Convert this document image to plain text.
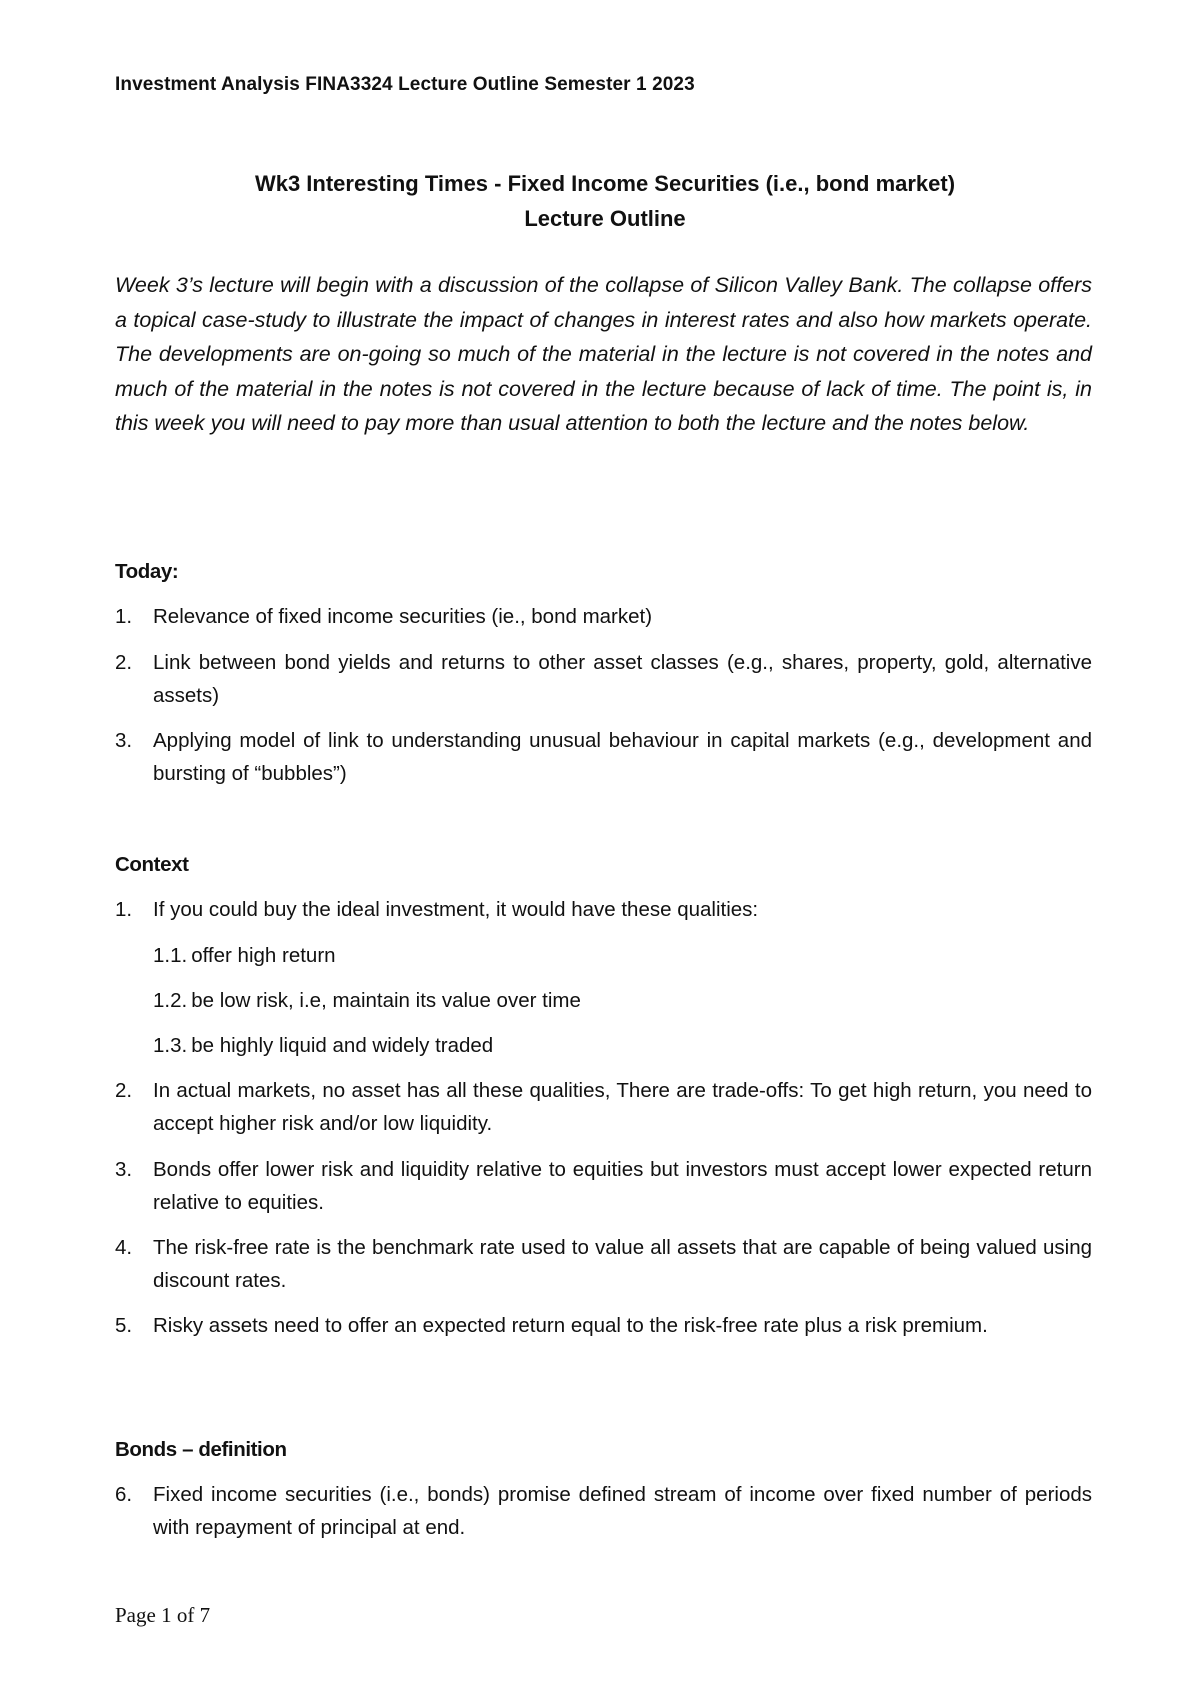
Investment Analysis FINA3324 Lecture Outline Semester 1 2023
Wk3 Interesting Times - Fixed Income Securities (i.e., bond market)
Lecture Outline
Week 3’s lecture will begin with a discussion of the collapse of Silicon Valley Bank. The collapse offers a topical case-study to illustrate the impact of changes in interest rates and also how markets operate. The developments are on-going so much of the material in the lecture is not covered in the notes and much of the material in the notes is not covered in the lecture because of lack of time. The point is, in this week you will need to pay more than usual attention to both the lecture and the notes below.
Today:
1.	Relevance of fixed income securities (ie., bond market)
2.	Link between bond yields and returns to other asset classes (e.g., shares, property, gold, alternative assets)
3.	Applying model of link to understanding unusual behaviour in capital markets (e.g., development and bursting of “bubbles”)
Context
1.	If you could buy the ideal investment, it would have these qualities:
1.1. offer high return
1.2. be low risk, i.e, maintain its value over time
1.3. be highly liquid and widely traded
2.	In actual markets, no asset has all these qualities, There are trade-offs: To get high return, you need to accept higher risk and/or low liquidity.
3.	Bonds offer lower risk and liquidity relative to equities but investors must accept lower expected return relative to equities.
4.	The risk-free rate is the benchmark rate used to value all assets that are capable of being valued using discount rates.
5.	Risky assets need to offer an expected return equal to the risk-free rate plus a risk premium.
Bonds – definition
6.	Fixed income securities (i.e., bonds) promise defined stream of income over fixed number of periods with repayment of principal at end.
Page 1 of 7
